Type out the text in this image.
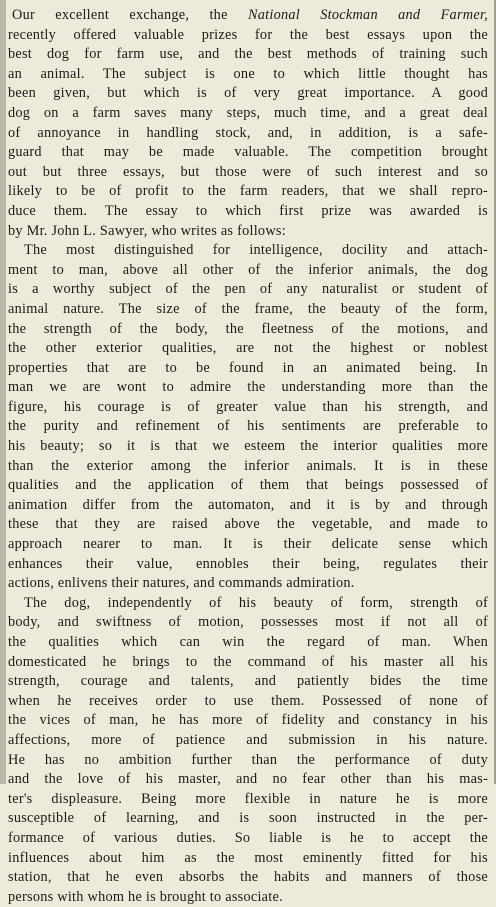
Our excellent exchange, the National Stockman and Farmer,
recently offered valuable prizes for the best essays upon the
best dog for farm use, and the best methods of training such
an animal. The subject is one to which little thought has
been given, but which is of very great importance. A good
dog on a farm saves many steps, much time, and a great deal
of annoyance in handling stock, and, in addition, is a safe-
guard that may be made valuable. The competition brought
out but three essays, but those were of such interest and so
likely to be of profit to the farm readers, that we shall repro-
duce them. The essay to which first prize was awarded is
by Mr. John L. Sawyer, who writes as follows:
The most distinguished for intelligence, docility and attach-
ment to man, above all other of the inferior animals, the dog
is a worthy subject of the pen of any naturalist or student of
animal nature. The size of the frame, the beauty of the form,
the strength of the body, the fleetness of the motions, and
the other exterior qualities, are not the highest or noblest
properties that are to be found in an animated being. In
man we are wont to admire the understanding more than the
figure, his courage is of greater value than his strength, and
the purity and refinement of his sentiments are preferable to
his beauty; so it is that we esteem the interior qualities more
than the exterior among the inferior animals. It is in these
qualities and the application of them that beings possessed of
animation differ from the automaton, and it is by and through
these that they are raised above the vegetable, and made to
approach nearer to man. It is their delicate sense which
enhances their value, ennobles their being, regulates their
actions, enlivens their natures, and commands admiration.
The dog, independently of his beauty of form, strength of
body, and swiftness of motion, possesses most if not all of
the qualities which can win the regard of man. When
domesticated he brings to the command of his master all his
strength, courage and talents, and patiently bides the time
when he receives order to use them. Possessed of none of
the vices of man, he has more of fidelity and constancy in his
affections, more of patience and submission in his nature.
He has no ambition further than the performance of duty
and the love of his master, and no fear other than his mas-
ter's displeasure. Being more flexible in nature he is more
susceptible of learning, and is soon instructed in the per-
formance of various duties. So liable is he to accept the
influences about him as the most eminently fitted for his
station, that he even absorbs the habits and manners of those
persons with whom he is brought to associate.
